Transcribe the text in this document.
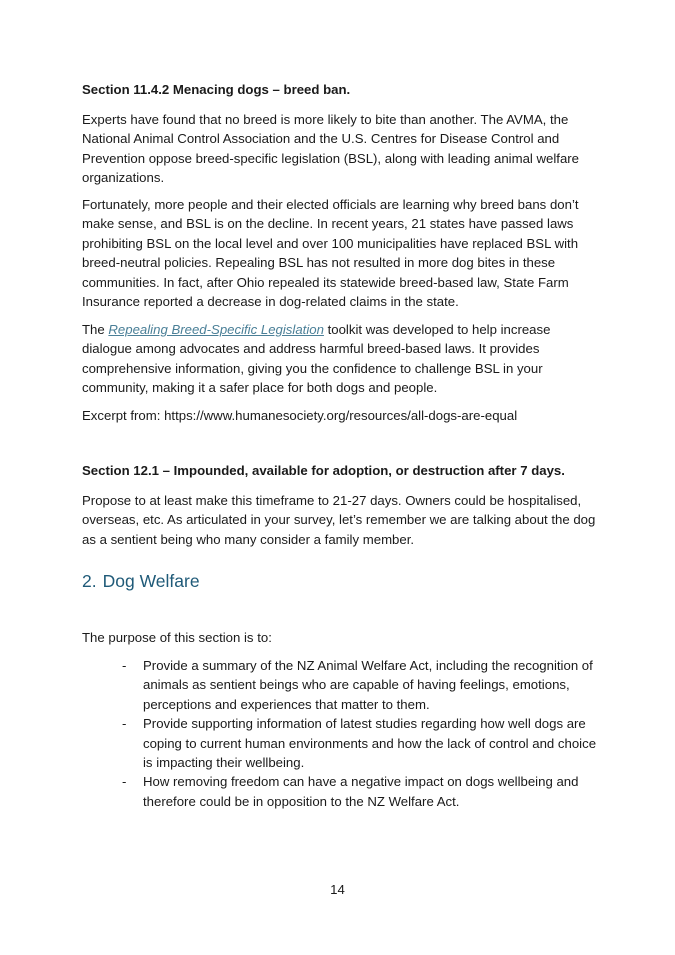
Section 11.4.2 Menacing dogs – breed ban.

Experts have found that no breed is more likely to bite than another. The AVMA, the National Animal Control Association and the U.S. Centres for Disease Control and Prevention oppose breed-specific legislation (BSL), along with leading animal welfare organizations.

Fortunately, more people and their elected officials are learning why breed bans don’t make sense, and BSL is on the decline. In recent years, 21 states have passed laws prohibiting BSL on the local level and over 100 municipalities have replaced BSL with breed-neutral policies. Repealing BSL has not resulted in more dog bites in these communities. In fact, after Ohio repealed its statewide breed-based law, State Farm Insurance reported a decrease in dog-related claims in the state.

The Repealing Breed-Specific Legislation toolkit was developed to help increase dialogue among advocates and address harmful breed-based laws. It provides comprehensive information, giving you the confidence to challenge BSL in your community, making it a safer place for both dogs and people.

Excerpt from: https://www.humanesociety.org/resources/all-dogs-are-equal

Section 12.1 – Impounded, available for adoption, or destruction after 7 days.

Propose to at least make this timeframe to 21-27 days. Owners could be hospitalised, overseas, etc. As articulated in your survey, let’s remember we are talking about the dog as a sentient being who many consider a family member.

2. Dog Welfare

The purpose of this section is to:

- Provide a summary of the NZ Animal Welfare Act, including the recognition of animals as sentient beings who are capable of having feelings, emotions, perceptions and experiences that matter to them.
- Provide supporting information of latest studies regarding how well dogs are coping to current human environments and how the lack of control and choice is impacting their wellbeing.
- How removing freedom can have a negative impact on dogs wellbeing and therefore could be in opposition to the NZ Welfare Act.
14
